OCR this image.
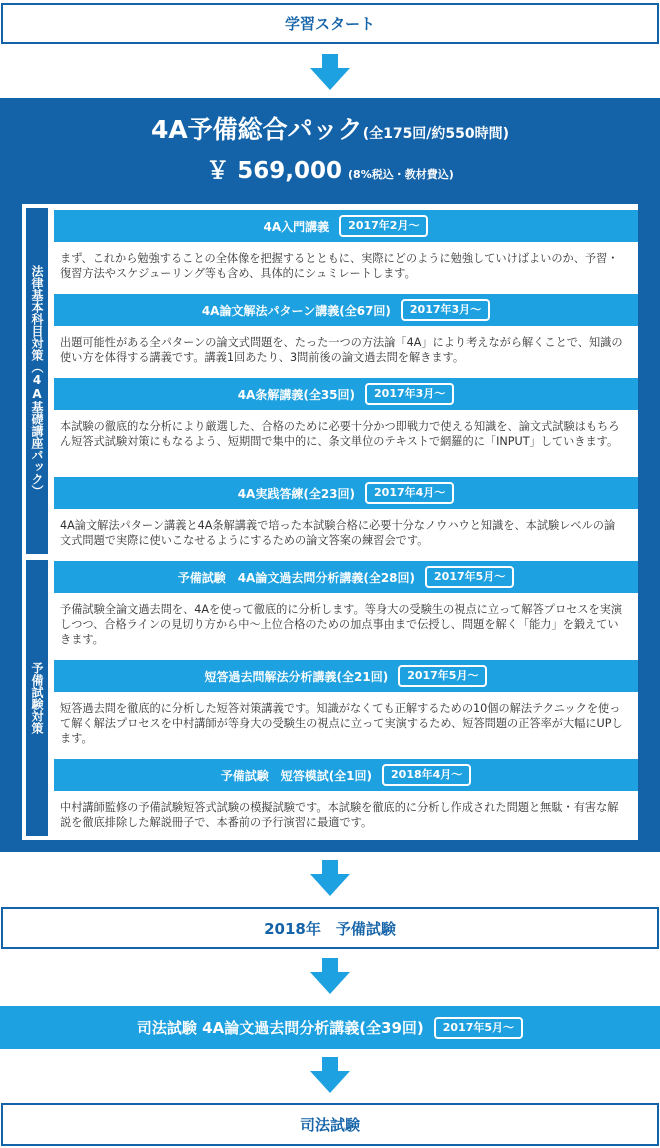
学習スタート
4A予備総合パック(全175回/約550時間)
￥ 569,000 (8%税込・教材費込)
法律基本科目対策（4A基礎講座パック）
予備試験対策
4A入門講義	2017年2月～
まず、これから勉強することの全体像を把握するとともに、実際にどのように勉強していけばよいのか、予習・復習方法やスケジューリング等も含め、具体的にシュミレートします。
4A論文解法パターン講義(全67回)	2017年3月～
出題可能性がある全パターンの論文式問題を、たった一つの方法論「4A」により考えながら解くことで、知識の使い方を体得する講義です。講義1回あたり、3問前後の論文過去問を解きます。
4A条解講義(全35回)	2017年3月～
本試験の徹底的な分析により厳選した、合格のために必要十分かつ即戦力で使える知識を、論文式試験はもちろん短答式試験対策にもなるよう、短期間で集中的に、条文単位のテキストで網羅的に「INPUT」していきます。
4A実践答練(全23回)	2017年4月～
4A論文解法パターン講義と4A条解講義で培った本試験合格に必要十分なノウハウと知識を、本試験レベルの論文式問題で実際に使いこなせるようにするための論文答案の練習会です。
予備試験　4A論文過去問分析講義(全28回)	2017年5月～
予備試験全論文過去問を、4Aを使って徹底的に分析します。等身大の受験生の視点に立って解答プロセスを実演しつつ、合格ラインの見切り方から中～上位合格のための加点事由まで伝授し、問題を解く「能力」を鍛えていきます。
短答過去問解法分析講義(全21回)	2017年5月～
短答過去問を徹底的に分析した短答対策講義です。知識がなくても正解するための10個の解法テクニックを使って解く解法プロセスを中村講師が等身大の受験生の視点に立って実演するため、短答問題の正答率が大幅にUPします。
予備試験　短答模試(全1回)	2018年4月～
中村講師監修の予備試験短答式試験の模擬試験です。本試験を徹底的に分析し作成された問題と無駄・有害な解説を徹底排除した解説冊子で、本番前の予行演習に最適です。
2018年　予備試験
司法試験 4A論文過去問分析講義(全39回)	2017年5月～
司法試験
